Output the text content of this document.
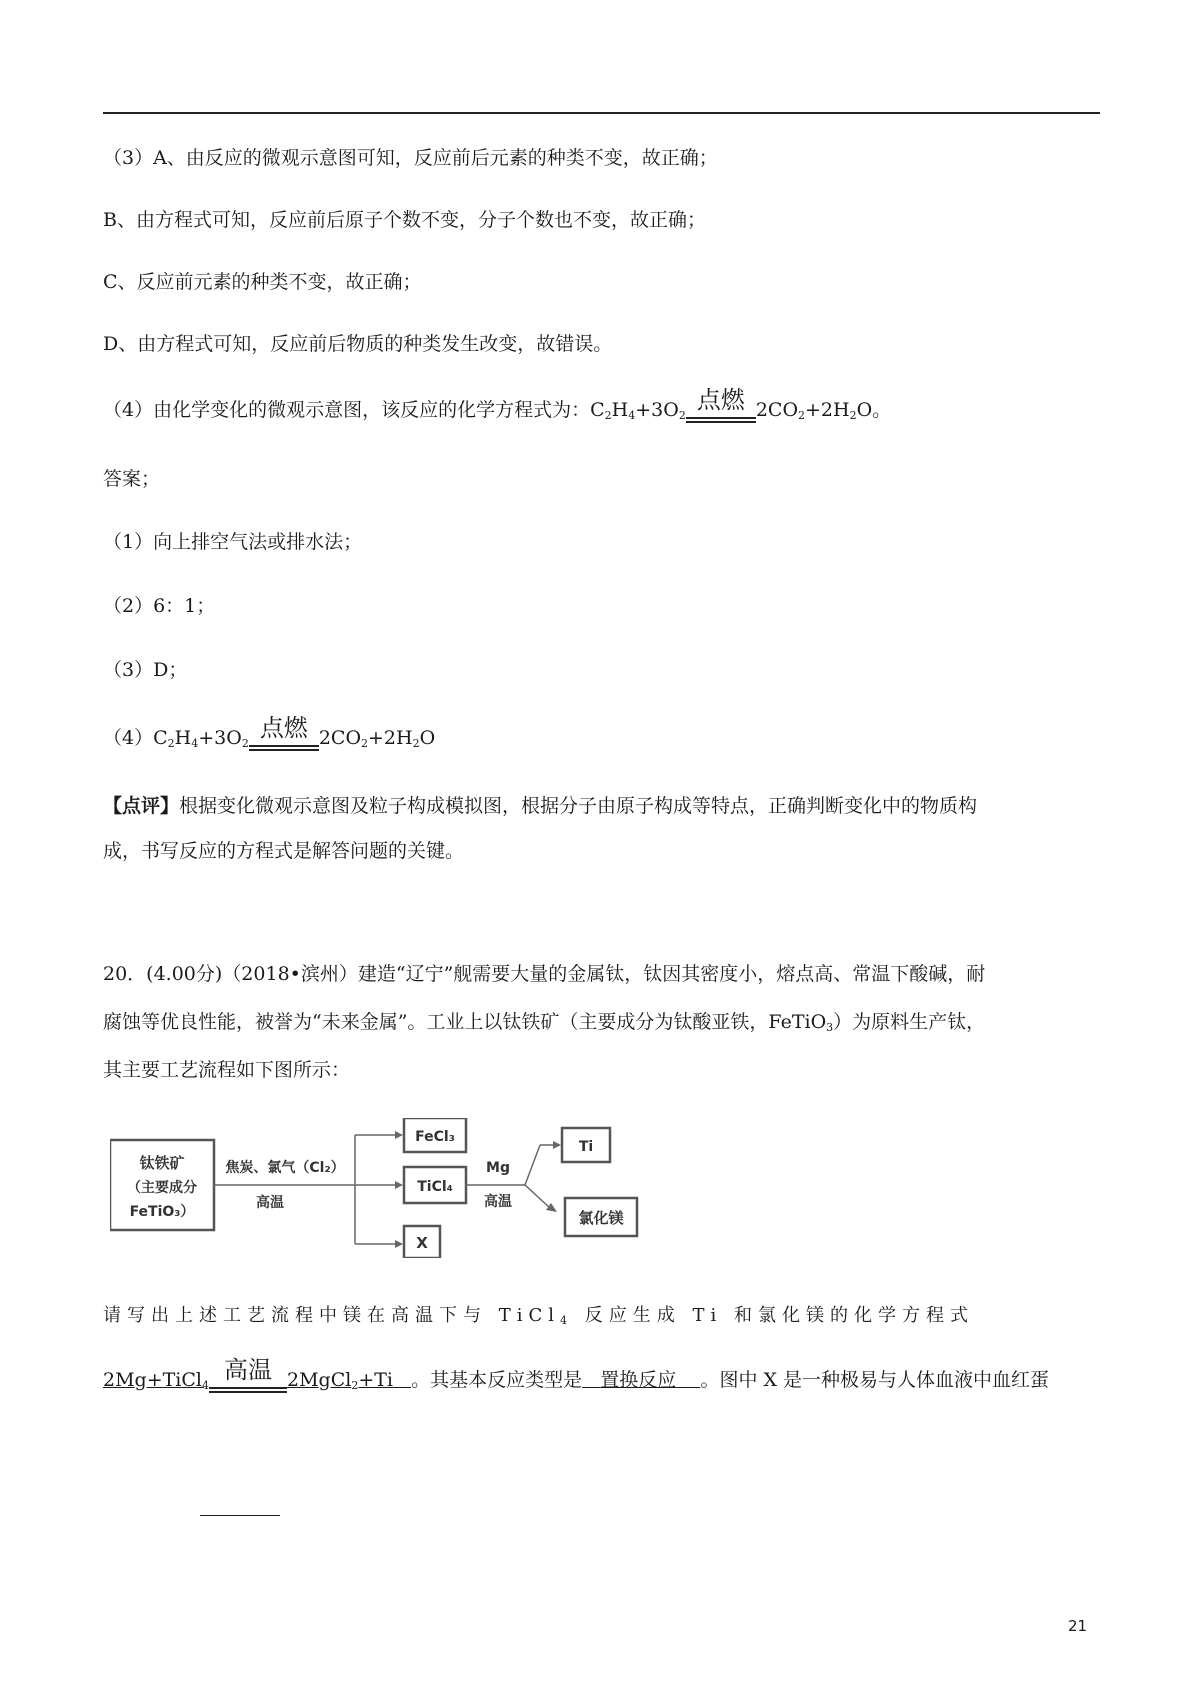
（3）A、由反应的微观示意图可知，反应前后元素的种类不变，故正确；
B、由方程式可知，反应前后原子个数不变，分子个数也不变，故正确；
C、反应前元素的种类不变，故正确；
D、由方程式可知，反应前后物质的种类发生改变，故错误。
（4）由化学变化的微观示意图，该反应的化学方程式为：$C_2H_4+3O_2$
点燃 $2CO_2+2H_2O$。
答案；
（1）向上排空气法或排水法；
（2）6：1；
（3）D；
$(4)C_2H_4+3O_2$
点燃 $2CO_2+2H_2O$
【点评】根据变化微观示意图及粒子构成模拟图，根据分子由原子构成等特点，正确判断变化中的物质构
成，书写反应的方程式是解答问题的关键。
20．(4.00分)（2018•滨州）建造“辽宁”舰需要大量的金属钛，钛因其密度小，熔点高、常温下酸碱，耐
腐蚀等优良性能，被誉为“未来金属”。工业上以钛铁矿（主要成分为钛酸亚铁，FeTiO$_3$）为原料生产钛，
其主要工艺流程如下图所示：
钛铁矿
（主要成分
FeTiO₃）
焦炭、氯气（Cl₂）
高温
FeCl₃
TiCl₄
X
Mg
高温
Ti
氯化镁
请写出上述工艺流程中镁在高温下与 TiCl$_4$ 反应生成 Ti 和氯化镁的化学方程式
2Mg+TiCl$_4$
高温 2MgCl$_2$+Ti 。其基本反应类型是 置换反应 。图中 X 是一种极易与人体血液中血红蛋
21
